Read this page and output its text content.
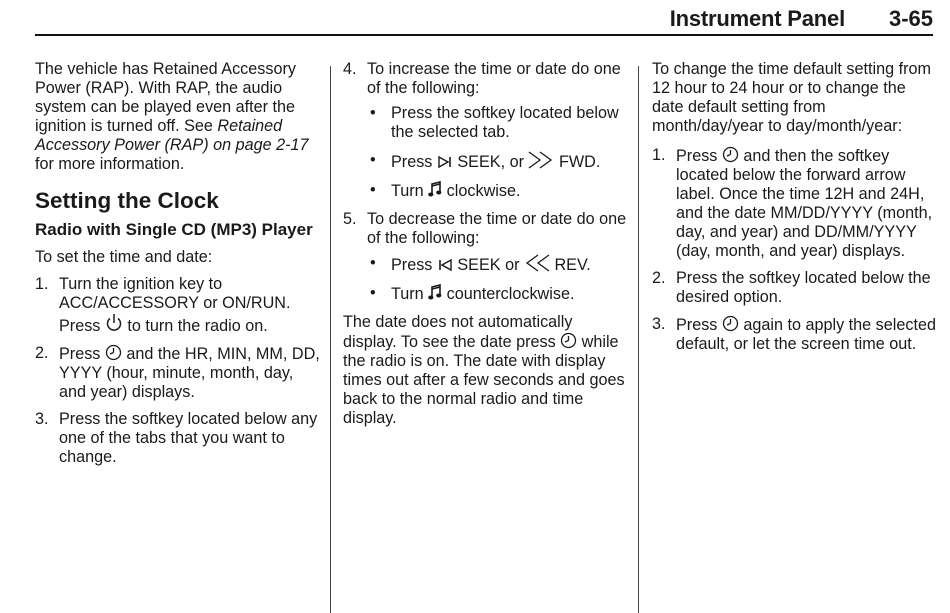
Instrument Panel 3-65

The vehicle has Retained Accessory Power (RAP). With RAP, the audio system can be played even after the ignition is turned off. See Retained Accessory Power (RAP) on page 2-17 for more information.

Setting the Clock
Radio with Single CD (MP3) Player

To set the time and date:

1. Turn the ignition key to ACC/ACCESSORY or ON/RUN. Press  to turn the radio on.
2. Press  and the HR, MIN, MM, DD, YYYY (hour, minute, month, day, and year) displays.
3. Press the softkey located below any one of the tabs that you want to change.
4. To increase the time or date do one of the following:
• Press the softkey located below the selected tab.
• Press  SEEK, or  FWD.
• Turn  clockwise.
5. To decrease the time or date do one of the following:
• Press  SEEK or  REV.
• Turn  counterclockwise.

The date does not automatically display. To see the date press  while the radio is on. The date with display times out after a few seconds and goes back to the normal radio and time display.

To change the time default setting from 12 hour to 24 hour or to change the date default setting from month/day/year to day/month/year:

1. Press  and then the softkey located below the forward arrow label. Once the time 12H and 24H, and the date MM/DD/YYYY (month, day, and year) and DD/MM/YYYY (day, month, and year) displays.
2. Press the softkey located below the desired option.
3. Press  again to apply the selected default, or let the screen time out.
